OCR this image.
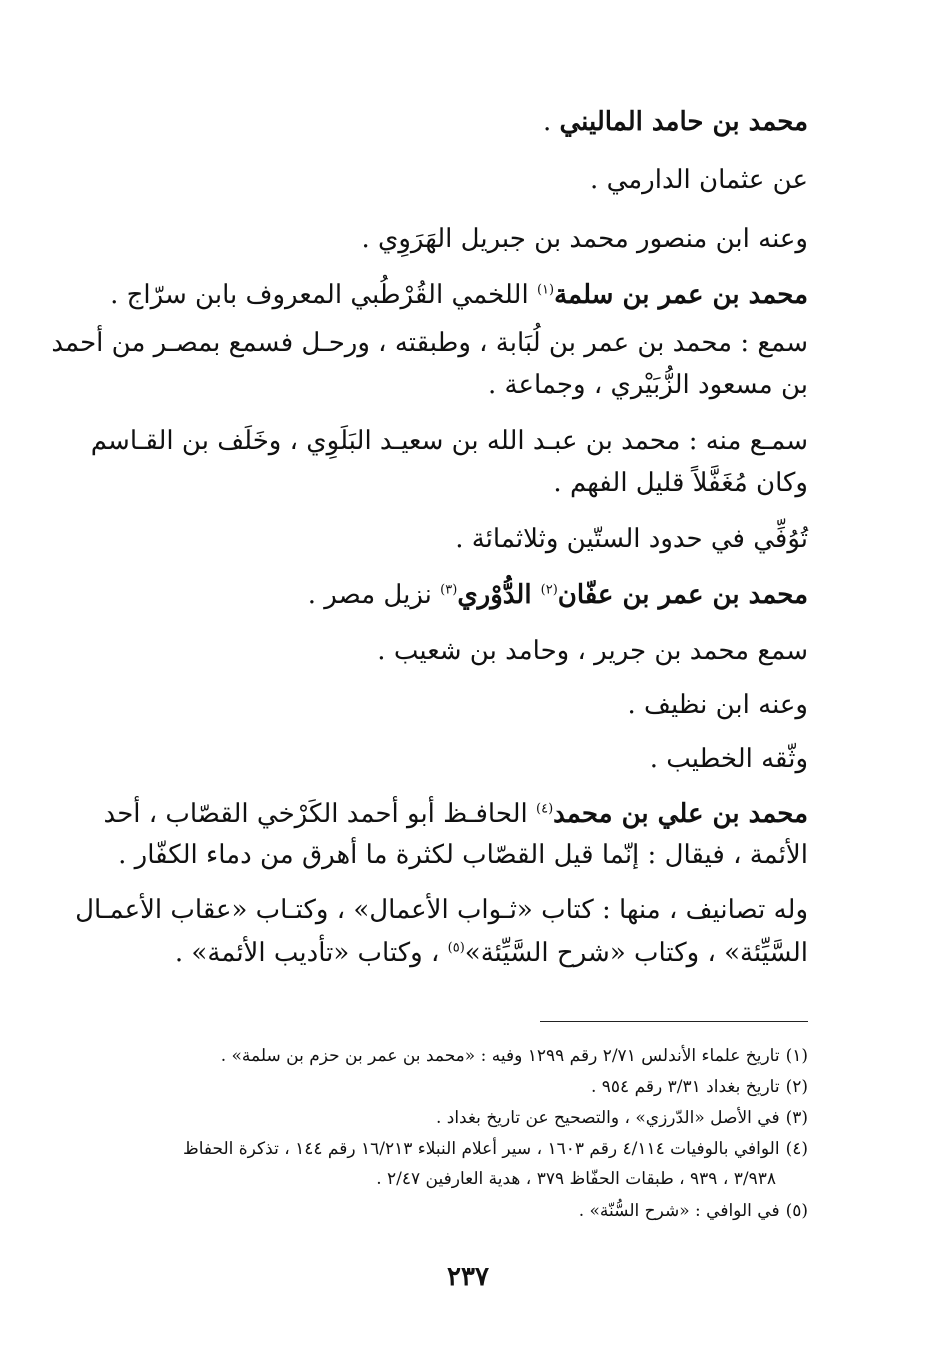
محمد بن حامد المالیني .
عن عثمان الدارمي .
وعنه ابن منصور محمد بن جبريل الهَرَوِي .
محمد بن عمر بن سلمة$^{(١)}$ اللخمي القُرْطُبي المعروف بابن سرّاج .
سمع : محمد بن عمر بن لُبَابة ، وطبقته ، ورحـل فسمع بمصـر من أحمد
بن مسعود الزُّبَيْري ، وجماعة .
سمـع منه : محمد بن عبـد الله بن سعيـد البَلَوِي ، وخَلَف بن القـاسم
وكان مُغَفَّلاً قليل الفهم .
تُوُفِّي في حدود الستّين وثلاثمائة .
محمد بن عمر بن عفّان$^{(٢)}$ الدُّوْري$^{(٣)}$ نزيل مصر .
سمع محمد بن جرير ، وحامد بن شعيب .
وعنه ابن نظيف .
وثّقه الخطيب .
محمد بن علي بن محمد$^{(٤)}$ الحافـظ أبو أحمد الكَرْخي القصّاب ، أحد
الأئمة ، فيقال : إنّما قيل القصّاب لكثرة ما أهرق من دماء الكفّار .
وله تصانيف ، منها : كتاب «ثـواب الأعمال» ، وكتـاب «عقاب الأعمـال
السَّيِّئة» ، وكتاب «شرح السَّيِّئة»$^{(٥)}$ ، وكتاب «تأديب الأئمة» .
(١)تاريخ علماء الأندلس ٢/٧١ رقم ١٢٩٩ وفيه : «محمد بن عمر بن حزم بن سلمة» .
(٢)تاريخ بغداد ٣/٣١ رقم ٩٥٤ .
(٣)في الأصل «الدّرزي» ، والتصحيح عن تاريخ بغداد .
(٤)الوافي بالوفيات ٤/١١٤ رقم ١٦٠٣ ، سير أعلام النبلاء ١٦/٢١٣ رقم ١٤٤ ، تذكرة الحفاظ
٣/٩٣٨ ، ٩٣٩ ، طبقات الحفّاظ ٣٧٩ ، هدية العارفين ٢/٤٧ .
(٥)في الوافي : «شرح السُّنّة» .
٢٣٧
